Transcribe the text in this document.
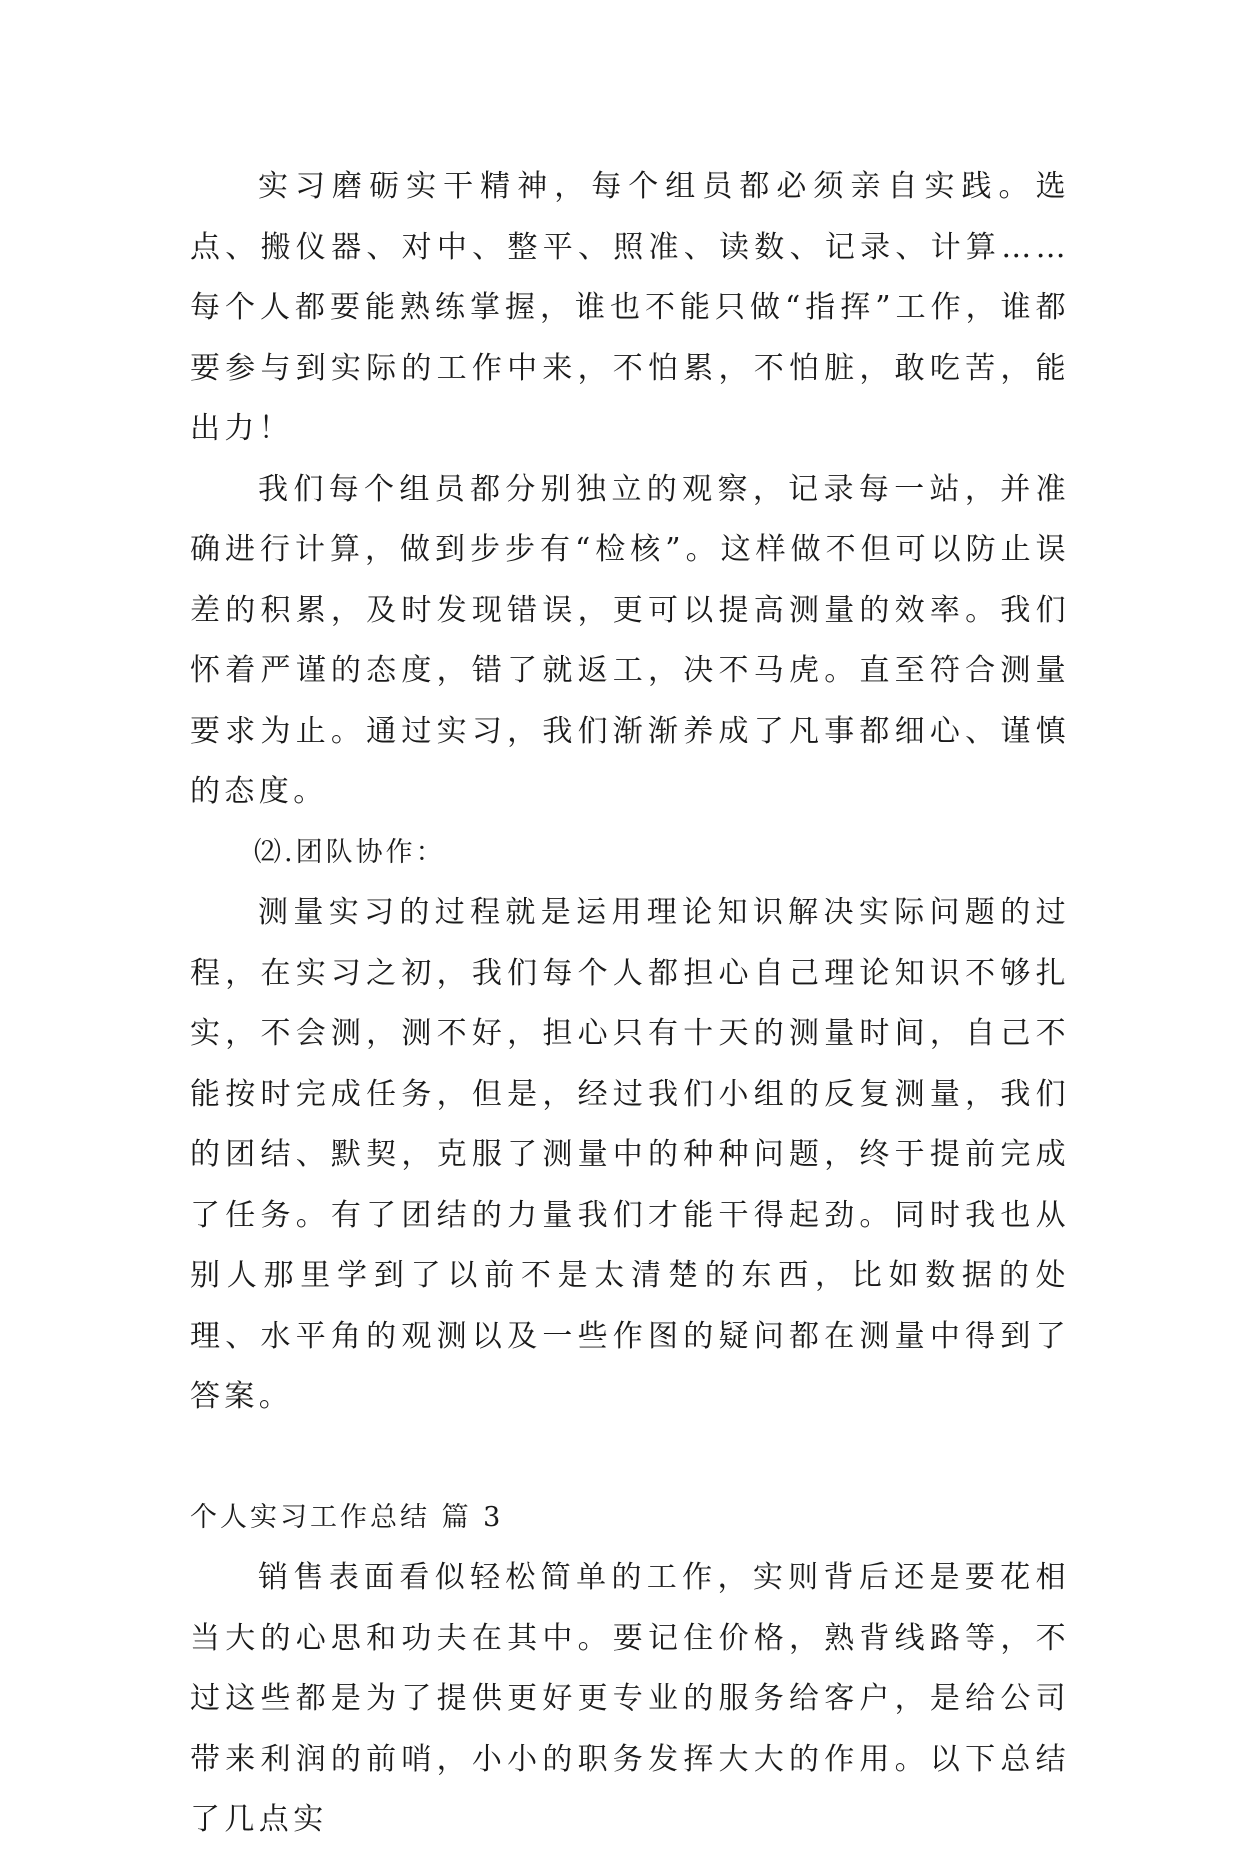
实习磨砺实干精神，每个组员都必须亲自实践。选点、搬仪器、对中、整平、照准、读数、记录、计算……每个人都要能熟练掌握，谁也不能只做“指挥”工作，谁都要参与到实际的工作中来，不怕累，不怕脏，敢吃苦，能出力！

我们每个组员都分别独立的观察，记录每一站，并准确进行计算，做到步步有“检核”。这样做不但可以防止误差的积累，及时发现错误，更可以提高测量的效率。我们怀着严谨的态度，错了就返工，决不马虎。直至符合测量要求为止。通过实习，我们渐渐养成了凡事都细心、谨慎的态度。

⑵.团队协作：

测量实习的过程就是运用理论知识解决实际问题的过程，在实习之初，我们每个人都担心自己理论知识不够扎实，不会测，测不好，担心只有十天的测量时间，自己不能按时完成任务，但是，经过我们小组的反复测量，我们的团结、默契，克服了测量中的种种问题，终于提前完成了任务。有了团结的力量我们才能干得起劲。同时我也从别人那里学到了以前不是太清楚的东西，比如数据的处理、水平角的观测以及一些作图的疑问都在测量中得到了答案。

个人实习工作总结 篇 3

销售表面看似轻松简单的工作，实则背后还是要花相当大的心思和功夫在其中。要记住价格，熟背线路等，不过这些都是为了提供更好更专业的服务给客户，是给公司带来利润的前哨，小小的职务发挥大大的作用。以下总结了几点实
